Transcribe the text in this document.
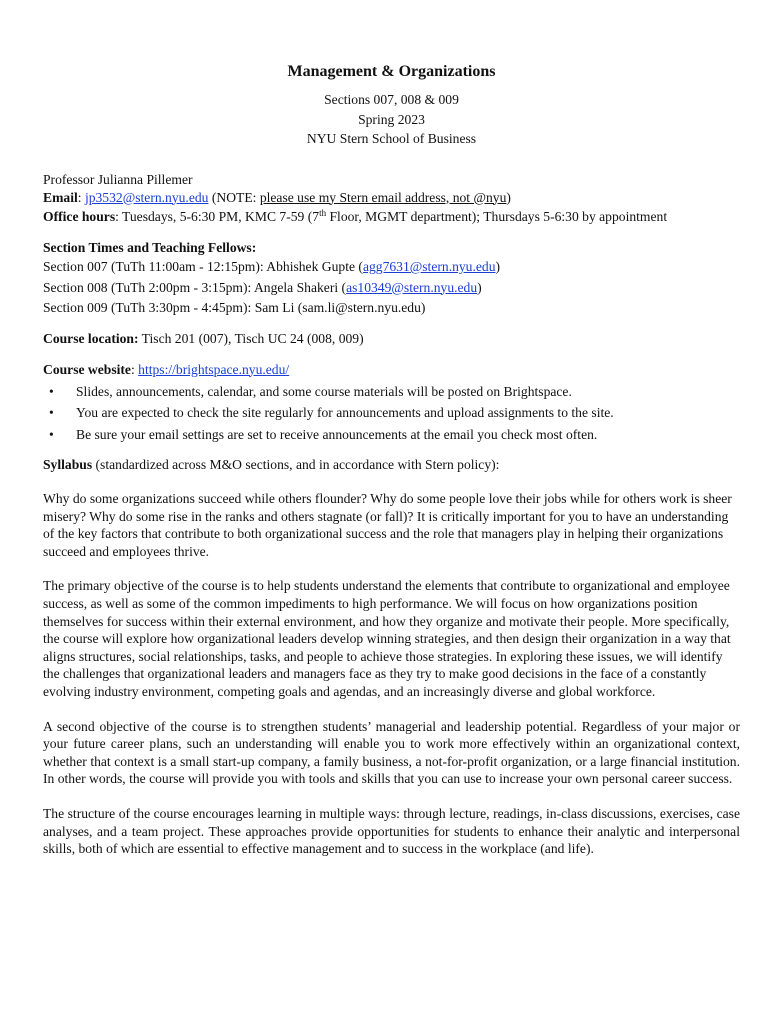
Management & Organizations
Sections 007, 008 & 009
Spring 2023
NYU Stern School of Business
Professor Julianna Pillemer
Email: jp3532@stern.nyu.edu (NOTE: please use my Stern email address, not @nyu)
Office hours: Tuesdays, 5-6:30 PM, KMC 7-59 (7th Floor, MGMT department); Thursdays 5-6:30 by appointment
Section Times and Teaching Fellows:
Section 007 (TuTh 11:00am - 12:15pm): Abhishek Gupte (agg7631@stern.nyu.edu)
Section 008 (TuTh 2:00pm - 3:15pm): Angela Shakeri (as10349@stern.nyu.edu)
Section 009 (TuTh 3:30pm - 4:45pm): Sam Li (sam.li@stern.nyu.edu)
Course location: Tisch 201 (007), Tisch UC 24 (008, 009)
Course website: https://brightspace.nyu.edu/
• Slides, announcements, calendar, and some course materials will be posted on Brightspace.
• You are expected to check the site regularly for announcements and upload assignments to the site.
• Be sure your email settings are set to receive announcements at the email you check most often.
Syllabus (standardized across M&O sections, and in accordance with Stern policy):

Why do some organizations succeed while others flounder? Why do some people love their jobs while for others work is sheer misery? Why do some rise in the ranks and others stagnate (or fall)? It is critically important for you to have an understanding of the key factors that contribute to both organizational success and the role that managers play in helping their organizations succeed and employees thrive.

The primary objective of the course is to help students understand the elements that contribute to organizational and employee success, as well as some of the common impediments to high performance. We will focus on how organizations position themselves for success within their external environment, and how they organize and motivate their people. More specifically, the course will explore how organizational leaders develop winning strategies, and then design their organization in a way that aligns structures, social relationships, tasks, and people to achieve those strategies. In exploring these issues, we will identify the challenges that organizational leaders and managers face as they try to make good decisions in the face of a constantly evolving industry environment, competing goals and agendas, and an increasingly diverse and global workforce.

A second objective of the course is to strengthen students’ managerial and leadership potential. Regardless of your major or your future career plans, such an understanding will enable you to work more effectively within an organizational context, whether that context is a small start-up company, a family business, a not-for-profit organization, or a large financial institution. In other words, the course will provide you with tools and skills that you can use to increase your own personal career success.

The structure of the course encourages learning in multiple ways: through lecture, readings, in-class discussions, exercises, case analyses, and a team project. These approaches provide opportunities for students to enhance their analytic and interpersonal skills, both of which are essential to effective management and to success in the workplace (and life).
